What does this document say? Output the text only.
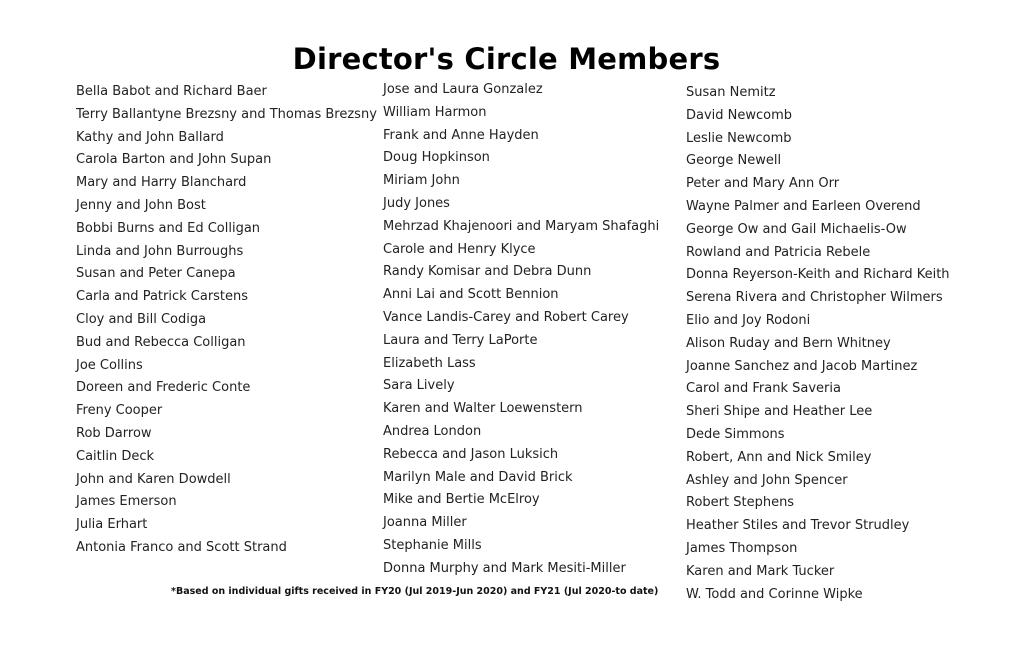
Director's Circle Members
Bella Babot and Richard Baer
Terry Ballantyne Brezsny and Thomas Brezsny
Kathy and John Ballard
Carola Barton and John Supan
Mary and Harry Blanchard
Jenny and John Bost
Bobbi Burns and Ed Colligan
Linda and John Burroughs
Susan and Peter Canepa
Carla and Patrick Carstens
Cloy and Bill Codiga
Bud and Rebecca Colligan
Joe Collins
Doreen and Frederic Conte
Freny Cooper
Rob Darrow
Caitlin Deck
John and Karen Dowdell
James Emerson
Julia Erhart
Antonia Franco and Scott Strand
Jose and Laura Gonzalez
William Harmon
Frank and Anne Hayden
Doug Hopkinson
Miriam John
Judy Jones
Mehrzad Khajenoori and Maryam Shafaghi
Carole and Henry Klyce
Randy Komisar and Debra Dunn
Anni Lai and Scott Bennion
Vance Landis-Carey and Robert Carey
Laura and Terry LaPorte
Elizabeth Lass
Sara Lively
Karen and Walter Loewenstern
Andrea London
Rebecca and Jason Luksich
Marilyn Male and David Brick
Mike and Bertie McElroy
Joanna Miller
Stephanie Mills
Donna Murphy and Mark Mesiti-Miller
Susan Nemitz
David Newcomb
Leslie Newcomb
George Newell
Peter and Mary Ann Orr
Wayne Palmer and Earleen Overend
George Ow and Gail Michaelis-Ow
Rowland and Patricia Rebele
Donna Reyerson-Keith and Richard Keith
Serena Rivera and Christopher Wilmers
Elio and Joy Rodoni
Alison Ruday and Bern Whitney
Joanne Sanchez and Jacob Martinez
Carol and Frank Saveria
Sheri Shipe and Heather Lee
Dede Simmons
Robert, Ann and Nick Smiley
Ashley and John Spencer
Robert Stephens
Heather Stiles and Trevor Strudley
James Thompson
Karen and Mark Tucker
W. Todd and Corinne Wipke
*Based on individual gifts received in FY20 (Jul 2019-Jun 2020) and FY21 (Jul 2020-to date)
